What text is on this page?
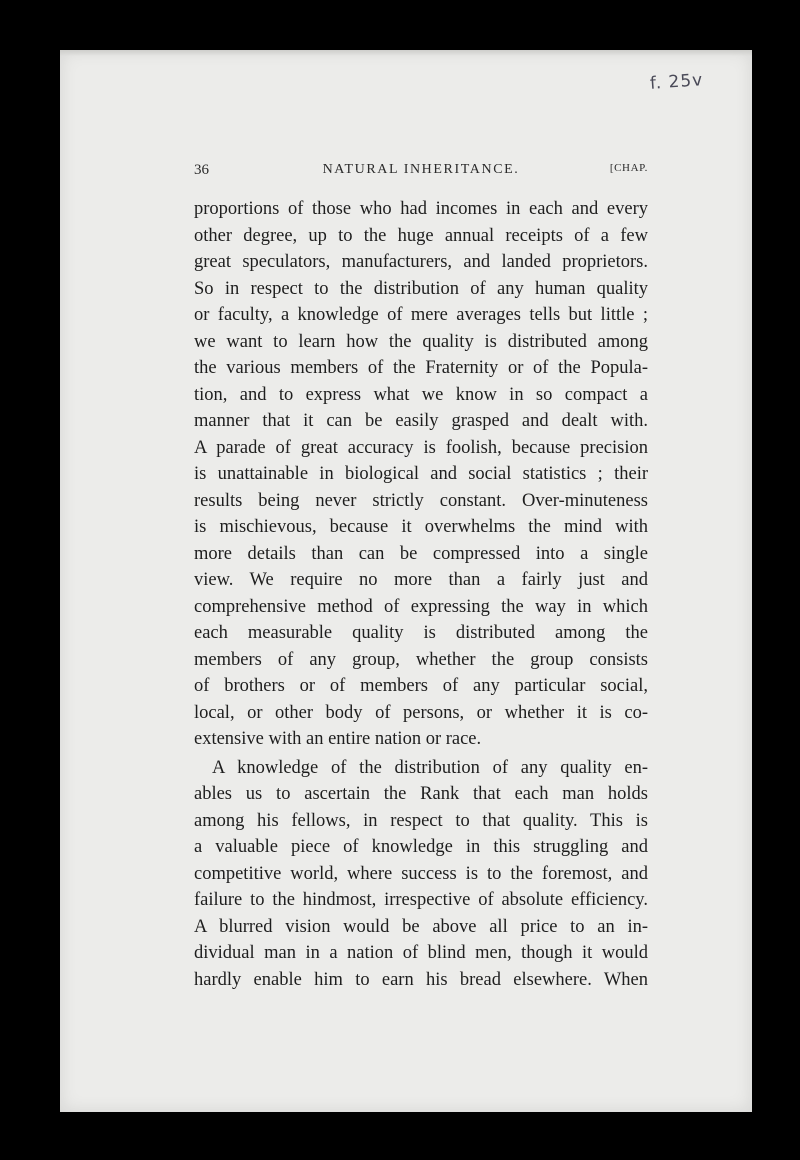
f. 25v
36	NATURAL INHERITANCE.	[CHAP.
proportions of those who had incomes in each and every
other degree, up to the huge annual receipts of a few
great speculators, manufacturers, and landed proprietors.
So in respect to the distribution of any human quality
or faculty, a knowledge of mere averages tells but little ;
we want to learn how the quality is distributed among
the various members of the Fraternity or of the Popula-
tion, and to express what we know in so compact a
manner that it can be easily grasped and dealt with.
A parade of great accuracy is foolish, because precision
is unattainable in biological and social statistics ; their
results being never strictly constant. Over-minuteness
is mischievous, because it overwhelms the mind with
more details than can be compressed into a single
view. We require no more than a fairly just and
comprehensive method of expressing the way in which
each measurable quality is distributed among the
members of any group, whether the group consists
of brothers or of members of any particular social,
local, or other body of persons, or whether it is co-
extensive with an entire nation or race.
A knowledge of the distribution of any quality en-
ables us to ascertain the Rank that each man holds
among his fellows, in respect to that quality. This is
a valuable piece of knowledge in this struggling and
competitive world, where success is to the foremost, and
failure to the hindmost, irrespective of absolute efficiency.
A blurred vision would be above all price to an in-
dividual man in a nation of blind men, though it would
hardly enable him to earn his bread elsewhere. When
